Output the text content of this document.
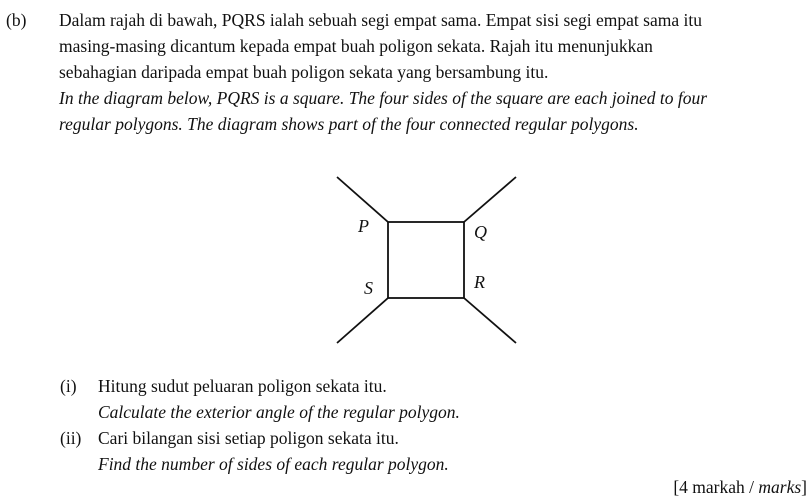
(b) Dalam rajah di bawah, PQRS ialah sebuah segi empat sama. Empat sisi segi empat sama itu
masing-masing dicantum kepada empat buah poligon sekata. Rajah itu menunjukkan
sebahagian daripada empat buah poligon sekata yang bersambung itu.
In the diagram below, PQRS is a square. The four sides of the square are each joined to four
regular polygons. The diagram shows part of the four connected regular polygons.
P	Q
S	R
(i) Hitung sudut peluaran poligon sekata itu.
Calculate the exterior angle of the regular polygon.
(ii) Cari bilangan sisi setiap poligon sekata itu.
Find the number of sides of each regular polygon.
[4 markah / marks]
